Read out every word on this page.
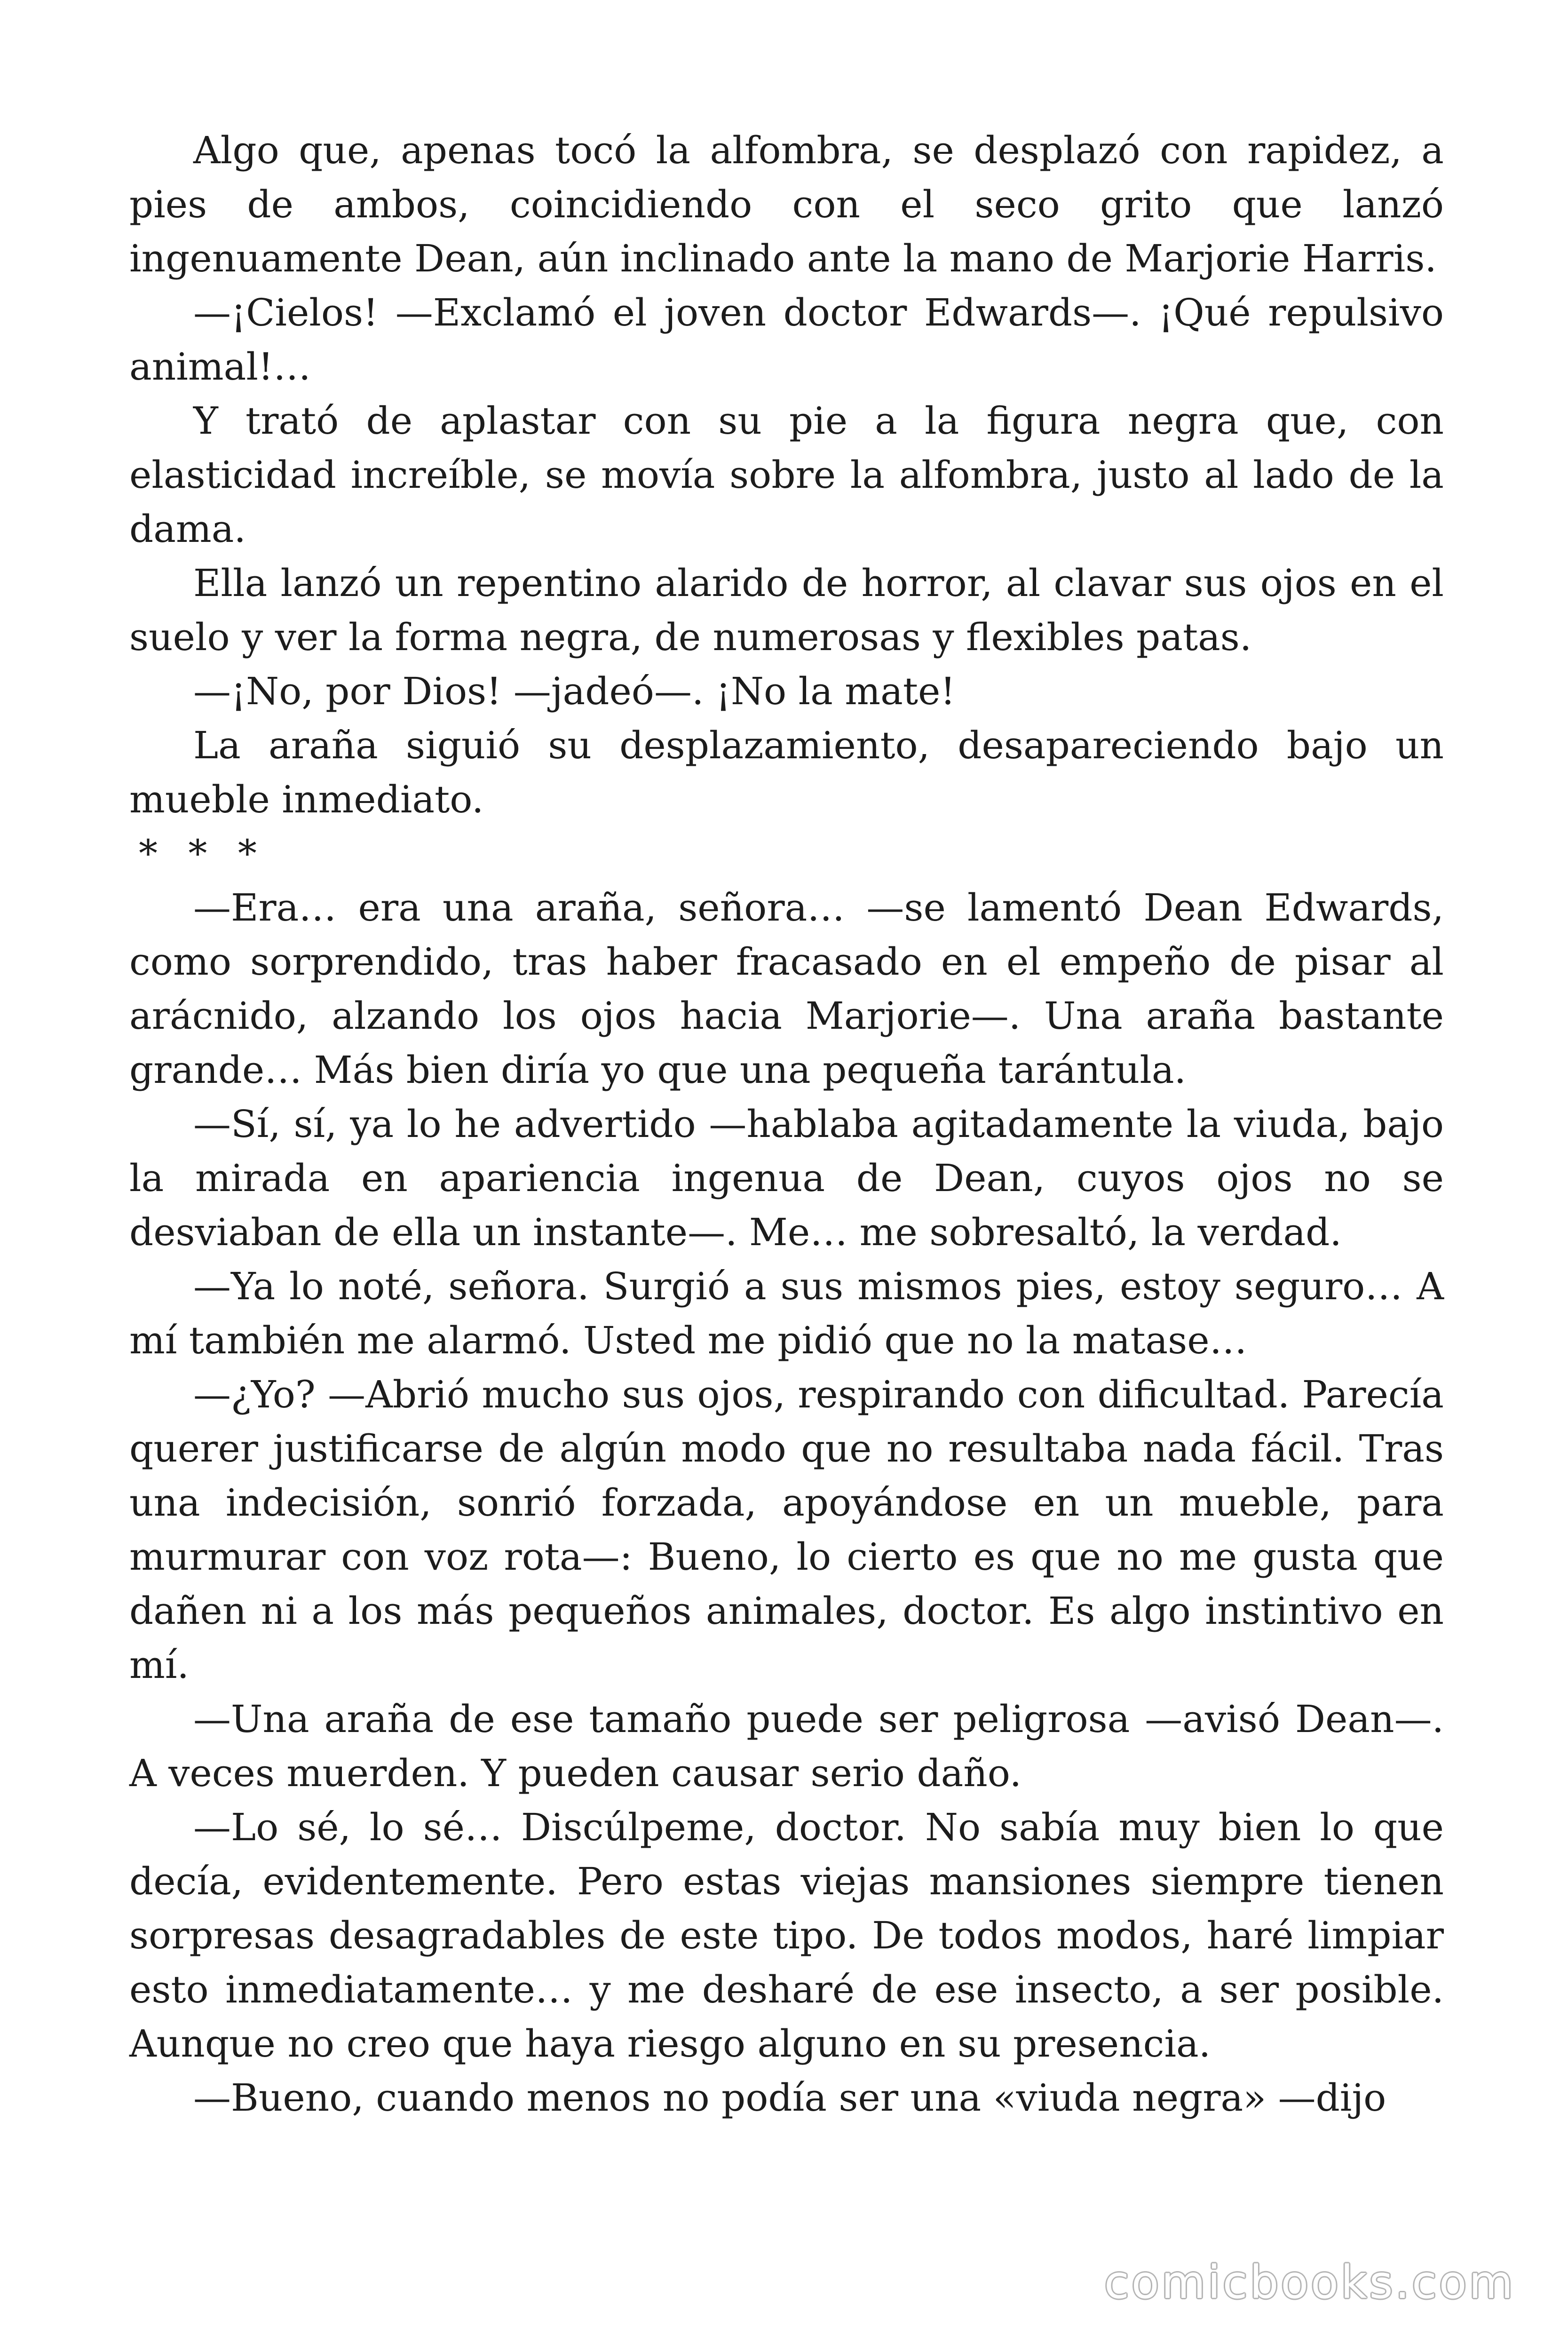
Algo que, apenas tocó la alfombra, se desplazó con rapidez, a pies de ambos, coincidiendo con el seco grito que lanzó ingenuamente Dean, aún inclinado ante la mano de Marjorie Harris.

—¡Cielos! —Exclamó el joven doctor Edwards—. ¡Qué repulsivo animal!…

Y trató de aplastar con su pie a la figura negra que, con elasticidad increíble, se movía sobre la alfombra, justo al lado de la dama.

Ella lanzó un repentino alarido de horror, al clavar sus ojos en el suelo y ver la forma negra, de numerosas y flexibles patas.

—¡No, por Dios! —jadeó—. ¡No la mate!

La araña siguió su desplazamiento, desapareciendo bajo un mueble inmediato.

* * *

—Era… era una araña, señora… —se lamentó Dean Edwards, como sorprendido, tras haber fracasado en el empeño de pisar al arácnido, alzando los ojos hacia Marjorie—. Una araña bastante grande… Más bien diría yo que una pequeña tarántula.

—Sí, sí, ya lo he advertido —hablaba agitadamente la viuda, bajo la mirada en apariencia ingenua de Dean, cuyos ojos no se desviaban de ella un instante—. Me… me sobresaltó, la verdad.

—Ya lo noté, señora. Surgió a sus mismos pies, estoy seguro… A mí también me alarmó. Usted me pidió que no la matase…

—¿Yo? —Abrió mucho sus ojos, respirando con dificultad. Parecía querer justificarse de algún modo que no resultaba nada fácil. Tras una indecisión, sonrió forzada, apoyándose en un mueble, para murmurar con voz rota—: Bueno, lo cierto es que no me gusta que dañen ni a los más pequeños animales, doctor. Es algo instintivo en mí.

—Una araña de ese tamaño puede ser peligrosa —avisó Dean—. A veces muerden. Y pueden causar serio daño.

—Lo sé, lo sé… Discúlpeme, doctor. No sabía muy bien lo que decía, evidentemente. Pero estas viejas mansiones siempre tienen sorpresas desagradables de este tipo. De todos modos, haré limpiar esto inmediatamente… y me desharé de ese insecto, a ser posible. Aunque no creo que haya riesgo alguno en su presencia.

—Bueno, cuando menos no podía ser una «viuda negra» —dijo

comicbooks.com
